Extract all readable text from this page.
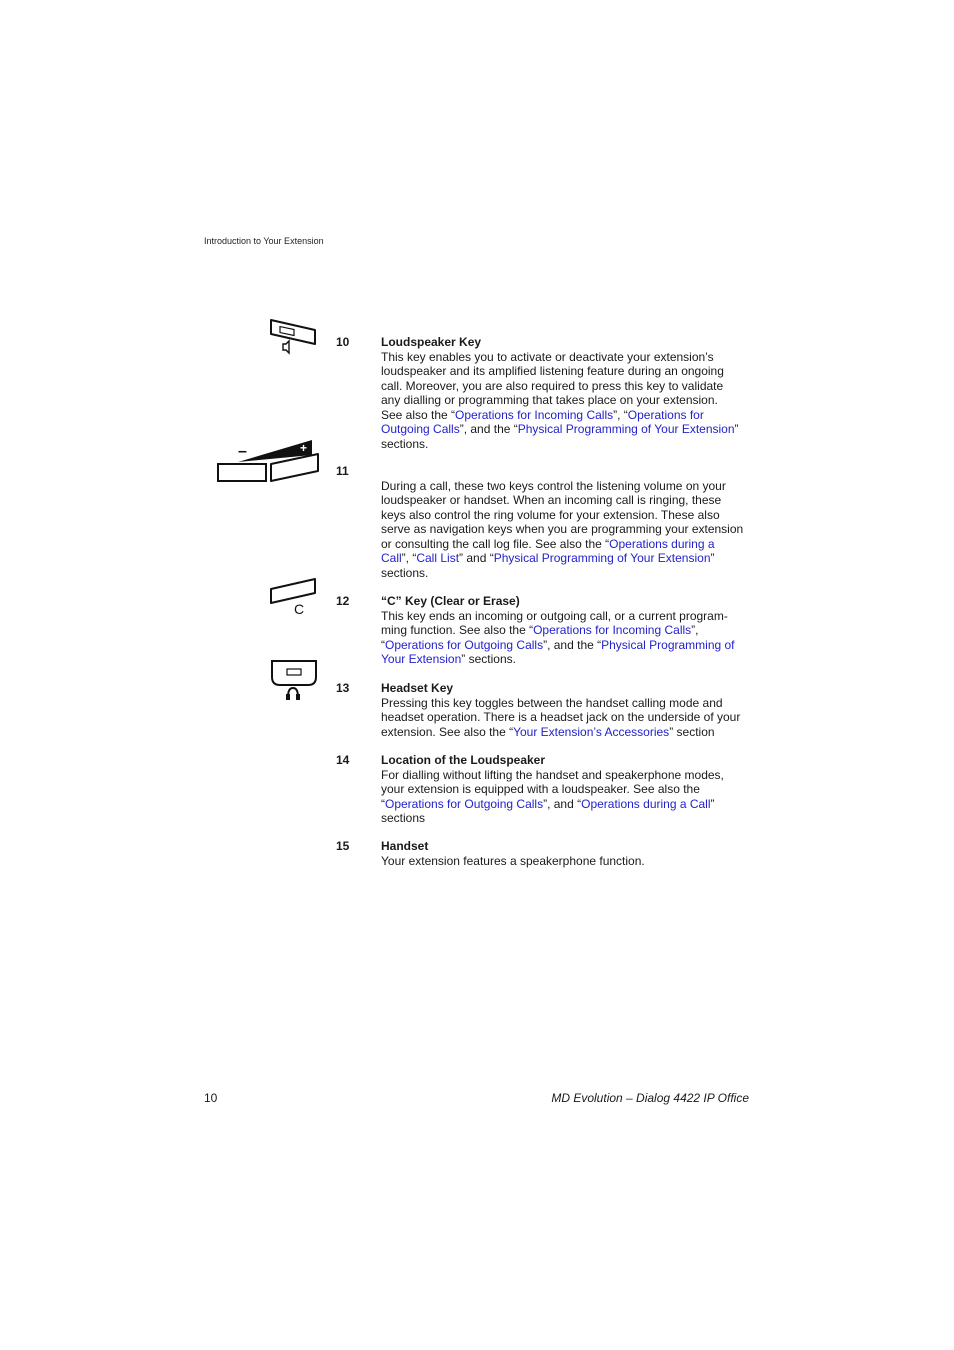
Introduction to Your Extension
–	+
C
10	Loudspeaker Key
This key enables you to activate or deactivate your extension’s
loudspeaker and its amplified listening feature during an ongoing
call. Moreover, you are also required to press this key to validate
any dialling or programming that takes place on your extension.
See also the “Operations for Incoming Calls”, “Operations for
Outgoing Calls”, and the “Physical Programming of Your Extension”
sections.
11
During a call, these two keys control the listening volume on your
loudspeaker or handset. When an incoming call is ringing, these
keys also control the ring volume for your extension. These also
serve as navigation keys when you are programming your extension
or consulting the call log file. See also the “Operations during a
Call”, “Call List” and “Physical Programming of Your Extension”
sections.
12	“C” Key (Clear or Erase)
This key ends an incoming or outgoing call, or a current program-
ming function. See also the “Operations for Incoming Calls”,
“Operations for Outgoing Calls”, and the “Physical Programming of
Your Extension” sections.
13	Headset Key
Pressing this key toggles between the handset calling mode and
headset operation. There is a headset jack on the underside of your
extension. See also the “Your Extension’s Accessories” section
14	Location of the Loudspeaker
For dialling without lifting the handset and speakerphone modes,
your extension is equipped with a loudspeaker. See also the
“Operations for Outgoing Calls”, and “Operations during a Call”
sections
15	Handset
Your extension features a speakerphone function.
10	MD Evolution – Dialog 4422 IP Office
